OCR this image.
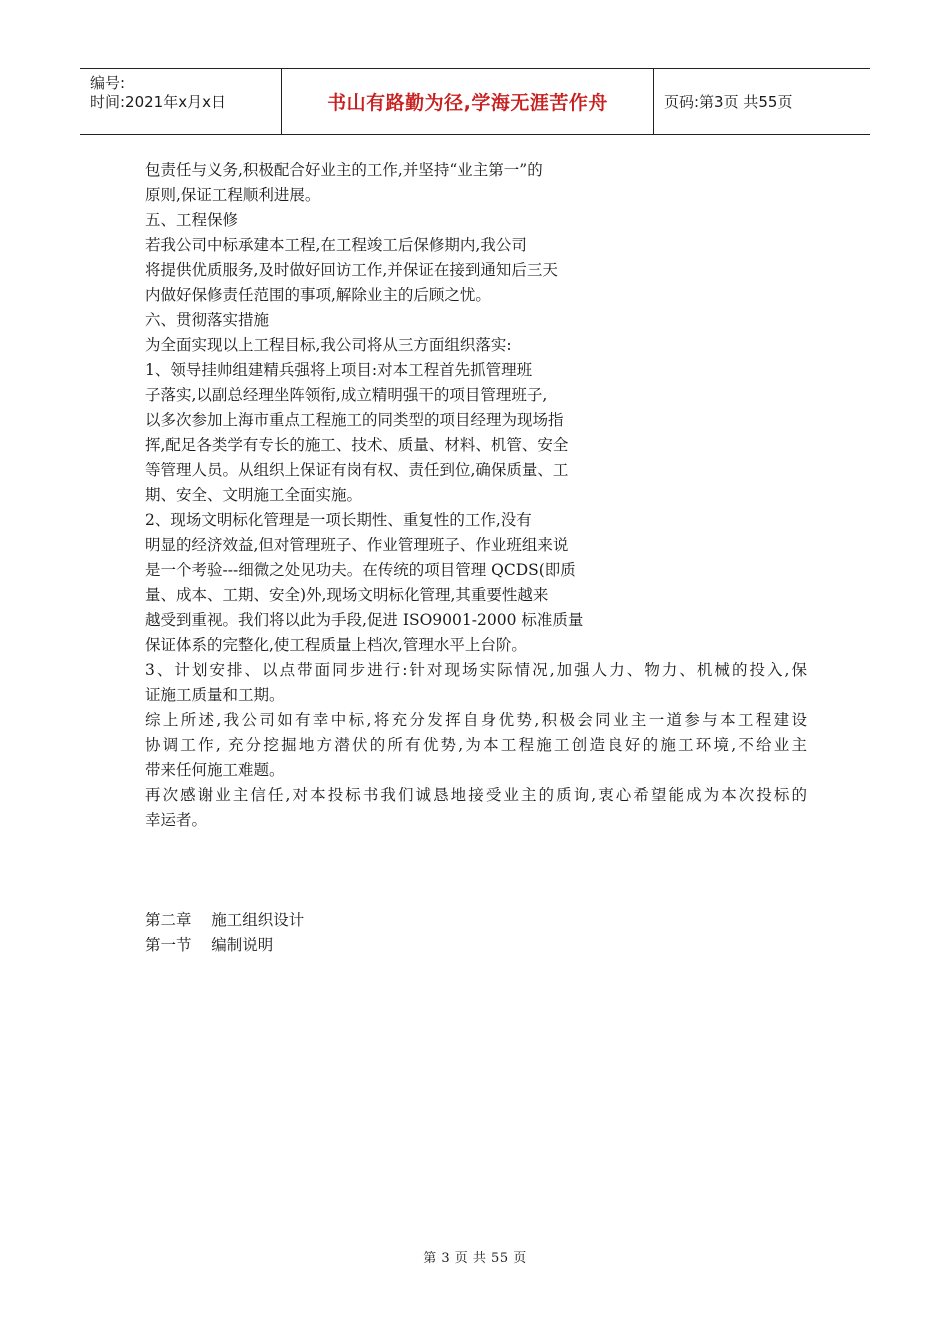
编号:
时间:2021年x月x日	书山有路勤为径,学海无涯苦作舟	页码:第3页 共55页
包责任与义务,积极配合好业主的工作,并坚持“业主第一”的
原则,保证工程顺利进展。
五、工程保修
若我公司中标承建本工程,在工程竣工后保修期内,我公司
将提供优质服务,及时做好回访工作,并保证在接到通知后三天
内做好保修责任范围的事项,解除业主的后顾之忧。
六、贯彻落实措施
为全面实现以上工程目标,我公司将从三方面组织落实:
1、领导挂帅组建精兵强将上项目:对本工程首先抓管理班
子落实,以副总经理坐阵领衔,成立精明强干的项目管理班子,
以多次参加上海市重点工程施工的同类型的项目经理为现场指
挥,配足各类学有专长的施工、技术、质量、材料、机管、安全
等管理人员。从组织上保证有岗有权、责任到位,确保质量、工
期、安全、文明施工全面实施。
2、现场文明标化管理是一项长期性、重复性的工作,没有
明显的经济效益,但对管理班子、作业管理班子、作业班组来说
是一个考验---细微之处见功夫。在传统的项目管理 QCDS(即质
量、成本、工期、安全)外,现场文明标化管理,其重要性越来
越受到重视。我们将以此为手段,促进 ISO9001-2000 标准质量
保证体系的完整化,使工程质量上档次,管理水平上台阶。
3、计划安排、以点带面同步进行:针对现场实际情况,加强人力、物力、机械的投入,保
证施工质量和工期。
综上所述,我公司如有幸中标,将充分发挥自身优势,积极会同业主一道参与本工程建设
协调工作, 充分挖掘地方潜伏的所有优势,为本工程施工创造良好的施工环境,不给业主
带来任何施工难题。
再次感谢业主信任,对本投标书我们诚恳地接受业主的质询,衷心希望能成为本次投标的
幸运者。
第二章    施工组织设计
第一节    编制说明
第 3 页 共 55 页
